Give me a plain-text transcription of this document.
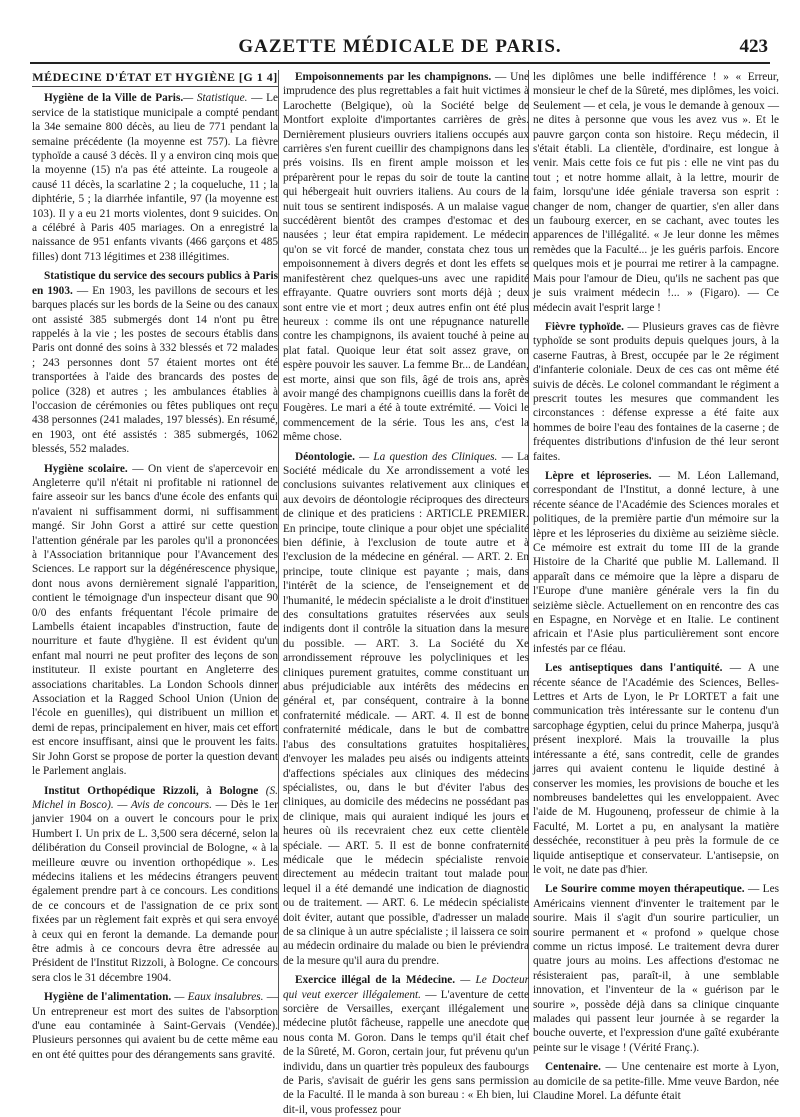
GAZETTE MÉDICALE DE PARIS.	423
MÉDECINE D'ÉTAT ET HYGIÈNE [G 1 4]

Hygiène de la Ville de Paris.— Statistique. — Le service de la statistique municipale a compté pendant la 34e semaine 800 décès, au lieu de 771 pendant la semaine précédente (la moyenne est 757). La fièvre typhoïde a causé 3 décès. Il y a environ cinq mois que la moyenne (15) n'a pas été atteinte. La rougeole a causé 11 décès, la scarlatine 2 ; la coqueluche, 11 ; la diphtérie, 5 ; la diarrhée infantile, 97 (la moyenne est 103). Il y a eu 21 morts violentes, dont 9 suicides. On a célébré à Paris 405 mariages. On a enregistré la naissance de 951 enfants vivants (466 garçons et 485 filles) dont 713 légitimes et 238 illégitimes.

Statistique du service des secours publics à Paris en 1903. — En 1903, les pavillons de secours et les barques placés sur les bords de la Seine ou des canaux ont assisté 385 submergés dont 14 n'ont pu être rappelés à la vie ; les postes de secours établis dans Paris ont donné des soins à 332 blessés et 72 malades ; 243 personnes dont 57 étaient mortes ont été transportées à l'aide des brancards des postes de police (328) et autres ; les ambulances établies à l'occasion de cérémonies ou fêtes publiques ont reçu 438 personnes (241 malades, 197 blessés). En résumé, en 1903, ont été assistés : 385 submergés, 1062 blessés, 552 malades.

Hygiène scolaire. — On vient de s'apercevoir en Angleterre qu'il n'était ni profitable ni rationnel de faire asseoir sur les bancs d'une école des enfants qui n'avaient ni suffisamment dormi, ni suffisamment mangé. Sir John Gorst a attiré sur cette question l'attention générale par les paroles qu'il a prononcées à l'Association britannique pour l'Avancement des Sciences. Le rapport sur la dégénérescence physique, dont nous avons dernièrement signalé l'apparition, contient le témoignage d'un inspecteur disant que 90 0/0 des enfants fréquentant l'école primaire de Lambells étaient incapables d'instruction, faute de nourriture et faute d'hygiène. Il est évident qu'un enfant mal nourri ne peut profiter des leçons de son instituteur. Il existe pourtant en Angleterre des associations charitables. La London Schools dinner Association et la Ragged School Union (Union de l'école en guenilles), qui distribuent un million et demi de repas, principalement en hiver, mais cet effort est encore insuffisant, ainsi que le prouvent les faits. Sir John Gorst se propose de porter la question devant le Parlement anglais.

Institut Orthopédique Rizzoli, à Bologne (S. Michel in Bosco). — Avis de concours. — Dès le 1er janvier 1904 on a ouvert le concours pour le prix Humbert I. Un prix de L. 3,500 sera décerné, selon la délibération du Conseil provincial de Bologne, « à la meilleure œuvre ou invention orthopédique ». Les médecins italiens et les médecins étrangers peuvent également prendre part à ce concours. Les conditions de ce concours et de l'assignation de ce prix sont fixées par un règlement fait exprès et qui sera envoyé à ceux qui en feront la demande. La demande pour être admis à ce concours devra être adressée au Président de l'Institut Rizzoli, à Bologne. Ce concours sera clos le 31 décembre 1904.

Hygiène de l'alimentation. — Eaux insalubres. — Un entrepreneur est mort des suites de l'absorption d'une eau contaminée à Saint-Gervais (Vendée). Plusieurs personnes qui avaient bu de cette même eau en ont été quittes pour des dérangements sans gravité.

Empoisonnements par les champignons. — Une imprudence des plus regrettables a fait huit victimes à Larochette (Belgique), où la Société belge de Montfort exploite d'importantes carrières de grès. Dernièrement plusieurs ouvriers italiens occupés aux carrières s'en furent cueillir des champignons dans les prés voisins. Ils en firent ample moisson et les préparèrent pour le repas du soir de toute la cantine qui hébergeait huit ouvriers italiens. Au cours de la nuit tous se sentirent indisposés. A un malaise vague succédèrent bientôt des crampes d'estomac et des nausées ; leur état empira rapidement. Le médecin qu'on se vit forcé de mander, constata chez tous un empoisonnement à divers degrés et dont les effets se manifestèrent chez quelques-uns avec une rapidité effrayante. Quatre ouvriers sont morts déjà ; deux sont entre vie et mort ; deux autres enfin ont été plus heureux : comme ils ont une répugnance naturelle contre les champignons, ils avaient touché à peine au plat fatal. Quoique leur état soit assez grave, on espère pouvoir les sauver. La femme Br... de Landéan, est morte, ainsi que son fils, âgé de trois ans, après avoir mangé des champignons cueillis dans la forêt de Fougères. Le mari a été à toute extrémité. — Voici le commencement de la série. Tous les ans, c'est la même chose.

Déontologie. — La question des Cliniques. — La Société médicale du Xe arrondissement a voté les conclusions suivantes relativement aux cliniques et aux devoirs de déontologie réciproques des directeurs de clinique et des praticiens : ARTICLE PREMIER. En principe, toute clinique a pour objet une spécialité bien définie, à l'exclusion de toute autre et à l'exclusion de la médecine en général. — ART. 2. En principe, toute clinique est payante ; mais, dans l'intérêt de la science, de l'enseignement et de l'humanité, le médecin spécialiste a le droit d'instituer des consultations gratuites réservées aux seuls indigents dont il contrôle la situation dans la mesure du possible. — ART. 3. La Société du Xe arrondissement réprouve les polycliniques et les cliniques purement gratuites, comme constituant un abus préjudiciable aux intérêts des médecins en général et, par conséquent, contraire à la bonne confraternité médicale. — ART. 4. Il est de bonne confraternité médicale, dans le but de combattre l'abus des consultations gratuites hospitalières, d'envoyer les malades peu aisés ou indigents atteints d'affections spéciales aux cliniques des médecins spécialistes, ou, dans le but d'éviter l'abus des cliniques, au domicile des médecins ne possédant pas de clinique, mais qui auraient indiqué les jours et heures où ils recevraient chez eux cette clientèle spéciale. — ART. 5. Il est de bonne confraternité médicale que le médecin spécialiste renvoie directement au médecin traitant tout malade pour lequel il a été demandé une indication de diagnostic ou de traitement. — ART. 6. Le médecin spécialiste doit éviter, autant que possible, d'adresser un malade de sa clinique à un autre spécialiste ; il laissera ce soin au médecin ordinaire du malade ou bien le préviendra de la mesure qu'il aura du prendre.

Exercice illégal de la Médecine. — Le Docteur qui veut exercer illégalement. — L'aventure de cette sorcière de Versailles, exerçant illégalement une médecine plutôt fâcheuse, rappelle une anecdote que nous conta M. Goron. Dans le temps qu'il était chef de la Sûreté, M. Goron, certain jour, fut prévenu qu'un individu, dans un quartier très populeux des faubourgs de Paris, s'avisait de guérir les gens sans permission de la Faculté. Il le manda à son bureau : « Eh bien, lui dit-il, vous professez pour

les diplômes une belle indifférence ! » « Erreur, monsieur le chef de la Sûreté, mes diplômes, les voici. Seulement — et cela, je vous le demande à genoux — ne dites à personne que vous les avez vus ». Et le pauvre garçon conta son histoire. Reçu médecin, il s'était établi. La clientèle, d'ordinaire, est longue à venir. Mais cette fois ce fut pis : elle ne vint pas du tout ; et notre homme allait, à la lettre, mourir de faim, lorsqu'une idée géniale traversa son esprit : changer de nom, changer de quartier, s'en aller dans un faubourg exercer, en se cachant, avec toutes les apparences de l'illégalité. « Je leur donne les mêmes remèdes que la Faculté... je les guéris parfois. Encore quelques mois et je pourrai me retirer à la campagne. Mais pour l'amour de Dieu, qu'ils ne sachent pas que je suis vraiment médecin !... » (Figaro). — Ce médecin avait l'esprit large !

Fièvre typhoïde. — Plusieurs graves cas de fièvre typhoïde se sont produits depuis quelques jours, à la caserne Fautras, à Brest, occupée par le 2e régiment d'infanterie coloniale. Deux de ces cas ont même été suivis de décès. Le colonel commandant le régiment a prescrit toutes les mesures que commandent les circonstances : défense expresse a été faite aux hommes de boire l'eau des fontaines de la caserne ; de fréquentes distributions d'infusion de thé leur seront faites.

Lèpre et léproseries. — M. Léon Lallemand, correspondant de l'Institut, a donné lecture, à une récente séance de l'Académie des Sciences morales et politiques, de la première partie d'un mémoire sur la lèpre et les léproseries du dixième au seizième siècle. Ce mémoire est extrait du tome III de la grande Histoire de la Charité que publie M. Lallemand. Il apparaît dans ce mémoire que la lèpre a disparu de l'Europe d'une manière générale vers la fin du seizième siècle. Actuellement on en rencontre des cas en Espagne, en Norvège et en Italie. Le continent africain et l'Asie plus particulièrement sont encore infestés par ce fléau.

Les antiseptiques dans l'antiquité. — A une récente séance de l'Académie des Sciences, Belles-Lettres et Arts de Lyon, le Pr LORTET a fait une communication très intéressante sur le contenu d'un sarcophage égyptien, celui du prince Maherpa, jusqu'à présent inexploré. Mais la trouvaille la plus intéressante a été, sans contredit, celle de grandes jarres qui avaient contenu le liquide destiné à conserver les momies, les provisions de bouche et les nombreuses bandelettes qui les enveloppaient. Avec l'aide de M. Hugounenq, professeur de chimie à la Faculté, M. Lortet a pu, en analysant la matière desséchée, reconstituer à peu près la formule de ce liquide antiseptique et conservateur. L'antisepsie, on le voit, ne date pas d'hier.

Le Sourire comme moyen thérapeutique. — Les Américains viennent d'inventer le traitement par le sourire. Mais il s'agit d'un sourire particulier, un sourire permanent et « profond » quelque chose comme un rictus imposé. Le traitement devra durer quatre jours au moins. Les affections d'estomac ne résisteraient pas, paraît-il, à une semblable innovation, et l'inventeur de la « guérison par le sourire », possède déjà dans sa clinique cinquante malades qui passent leur journée à se regarder la bouche ouverte, et l'expression d'une gaîté exubérante peinte sur le visage ! (Vérité Franç.).

Centenaire. — Une centenaire est morte à Lyon, au domicile de sa petite-fille. Mme veuve Bardon, née Claudine Morel. La défunte était
